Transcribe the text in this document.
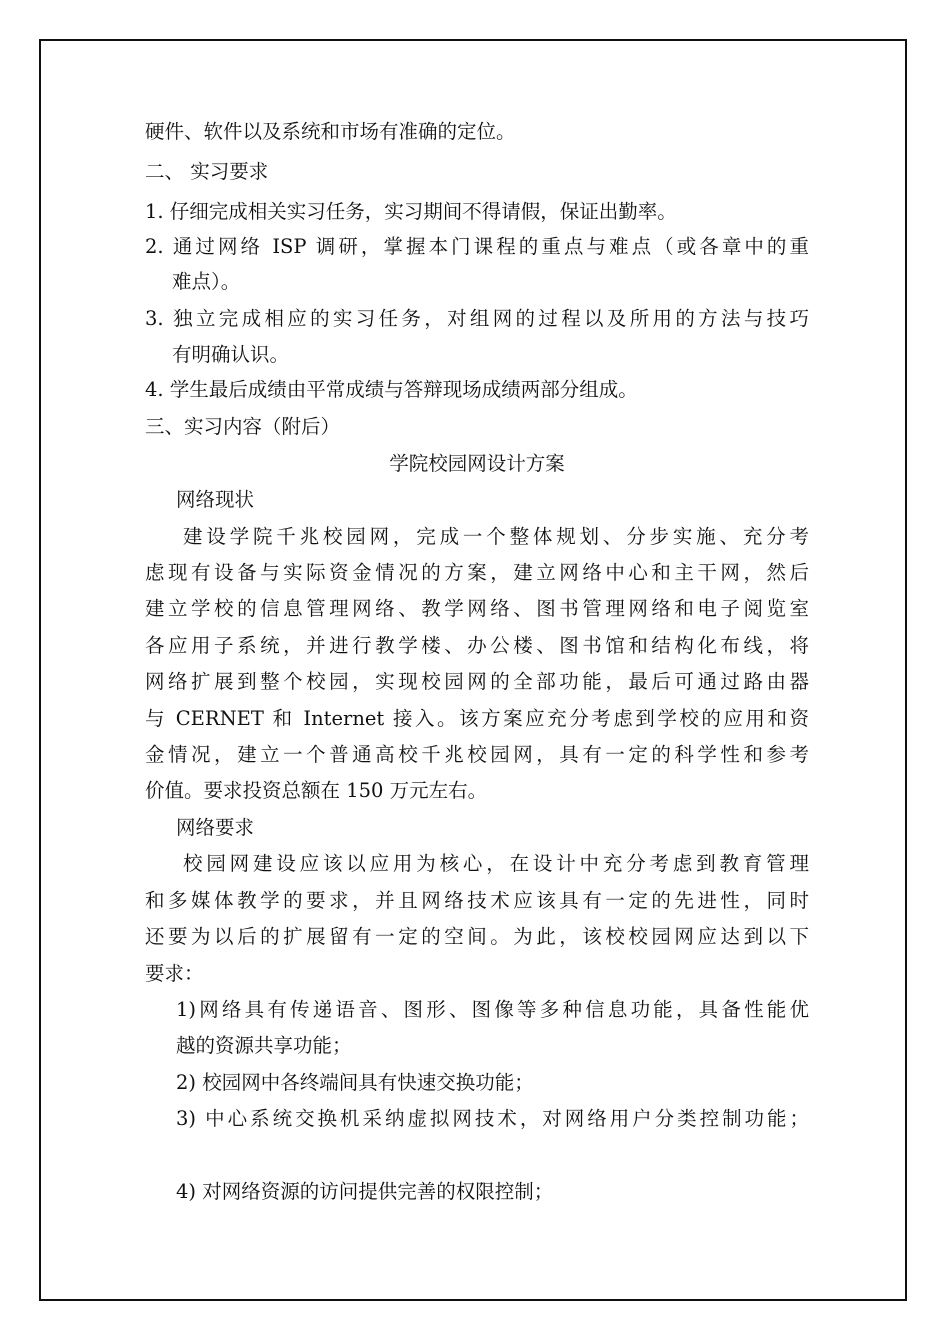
硬件、软件以及系统和市场有准确的定位。
二、 实习要求
1. 仔细完成相关实习任务，实习期间不得请假，保证出勤率。
2. 通过网络 ISP 调研，掌握本门课程的重点与难点（或各章中的重
难点）。
3. 独立完成相应的实习任务，对组网的过程以及所用的方法与技巧
有明确认识。
4. 学生最后成绩由平常成绩与答辩现场成绩两部分组成。
三、实习内容（附后）
学院校园网设计方案
网络现状
建设学院千兆校园网，完成一个整体规划、分步实施、充分考
虑现有设备与实际资金情况的方案，建立网络中心和主干网，然后
建立学校的信息管理网络、教学网络、图书管理网络和电子阅览室
各应用子系统，并进行教学楼、办公楼、图书馆和结构化布线，将
网络扩展到整个校园，实现校园网的全部功能，最后可通过路由器
与 CERNET 和 Internet 接入。该方案应充分考虑到学校的应用和资
金情况，建立一个普通高校千兆校园网，具有一定的科学性和参考
价值。要求投资总额在 150 万元左右。
网络要求
校园网建设应该以应用为核心，在设计中充分考虑到教育管理
和多媒体教学的要求，并且网络技术应该具有一定的先进性，同时
还要为以后的扩展留有一定的空间。为此，该校校园网应达到以下
要求：
1)网络具有传递语音、图形、图像等多种信息功能，具备性能优
越的资源共享功能；
2) 校园网中各终端间具有快速交换功能；
3) 中心系统交换机采纳虚拟网技术，对网络用户分类控制功能；
4) 对网络资源的访问提供完善的权限控制；
